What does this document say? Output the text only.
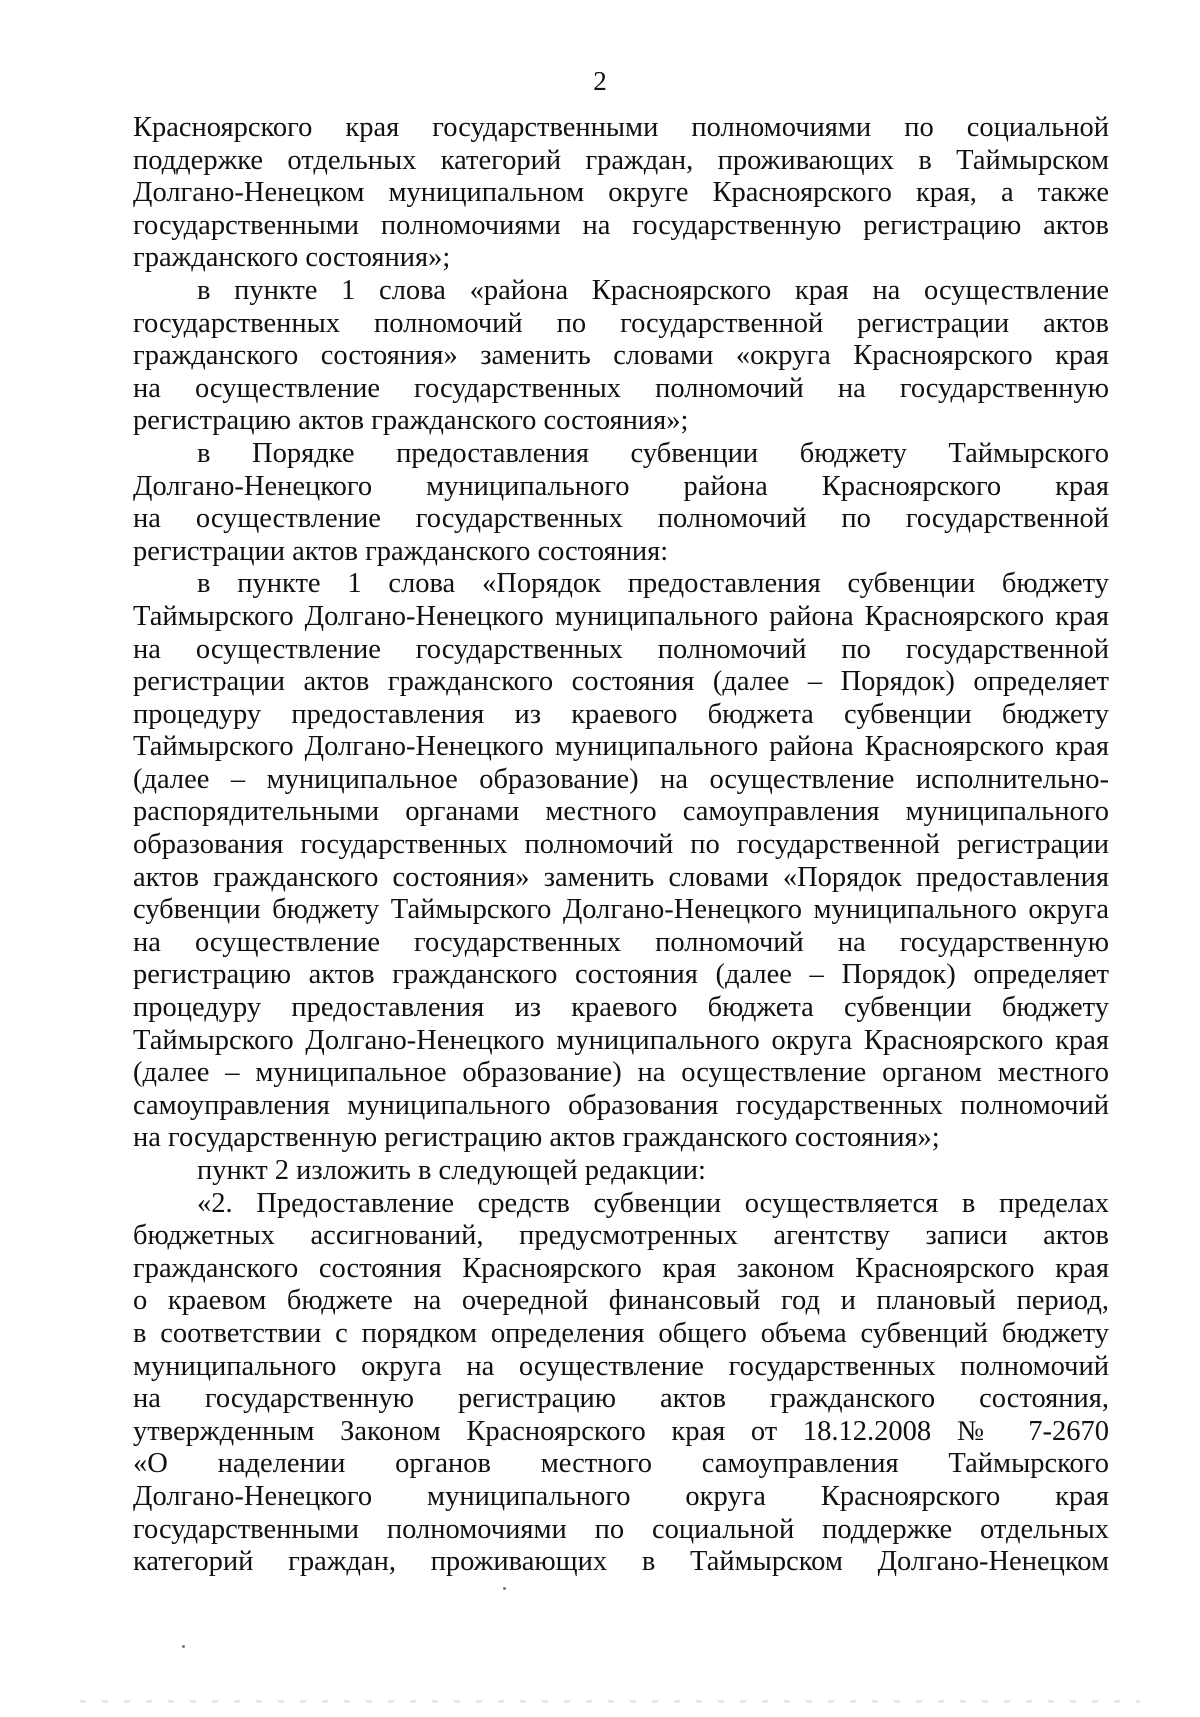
2
Красноярского края государственными полномочиями по социальной
поддержке отдельных категорий граждан, проживающих в Таймырском
Долгано-Ненецком муниципальном округе Красноярского края, а также
государственными полномочиями на государственную регистрацию актов
гражданского состояния»;
в пункте 1 слова «района Красноярского края на осуществление
государственных полномочий по государственной регистрации актов
гражданского состояния» заменить словами «округа Красноярского края
на осуществление государственных полномочий на государственную
регистрацию актов гражданского состояния»;
в Порядке предоставления субвенции бюджету Таймырского
Долгано-Ненецкого муниципального района Красноярского края
на осуществление государственных полномочий по государственной
регистрации актов гражданского состояния:
в пункте 1 слова «Порядок предоставления субвенции бюджету
Таймырского Долгано-Ненецкого муниципального района Красноярского края
на осуществление государственных полномочий по государственной
регистрации актов гражданского состояния (далее – Порядок) определяет
процедуру предоставления из краевого бюджета субвенции бюджету
Таймырского Долгано-Ненецкого муниципального района Красноярского края
(далее – муниципальное образование) на осуществление исполнительно-
распорядительными органами местного самоуправления муниципального
образования государственных полномочий по государственной регистрации
актов гражданского состояния» заменить словами «Порядок предоставления
субвенции бюджету Таймырского Долгано-Ненецкого муниципального округа
на осуществление государственных полномочий на государственную
регистрацию актов гражданского состояния (далее – Порядок) определяет
процедуру предоставления из краевого бюджета субвенции бюджету
Таймырского Долгано-Ненецкого муниципального округа Красноярского края
(далее – муниципальное образование) на осуществление органом местного
самоуправления муниципального образования государственных полномочий
на государственную регистрацию актов гражданского состояния»;
пункт 2 изложить в следующей редакции:
«2. Предоставление средств субвенции осуществляется в пределах
бюджетных ассигнований, предусмотренных агентству записи актов
гражданского состояния Красноярского края законом Красноярского края
о краевом бюджете на очередной финансовый год и плановый период,
в соответствии с порядком определения общего объема субвенций бюджету
муниципального округа на осуществление государственных полномочий
на государственную регистрацию актов гражданского состояния,
утвержденным Законом Красноярского края от 18.12.2008 № 7-2670
«О наделении органов местного самоуправления Таймырского
Долгано-Ненецкого муниципального округа Красноярского края
государственными полномочиями по социальной поддержке отдельных
категорий граждан, проживающих в Таймырском Долгано-Ненецком
